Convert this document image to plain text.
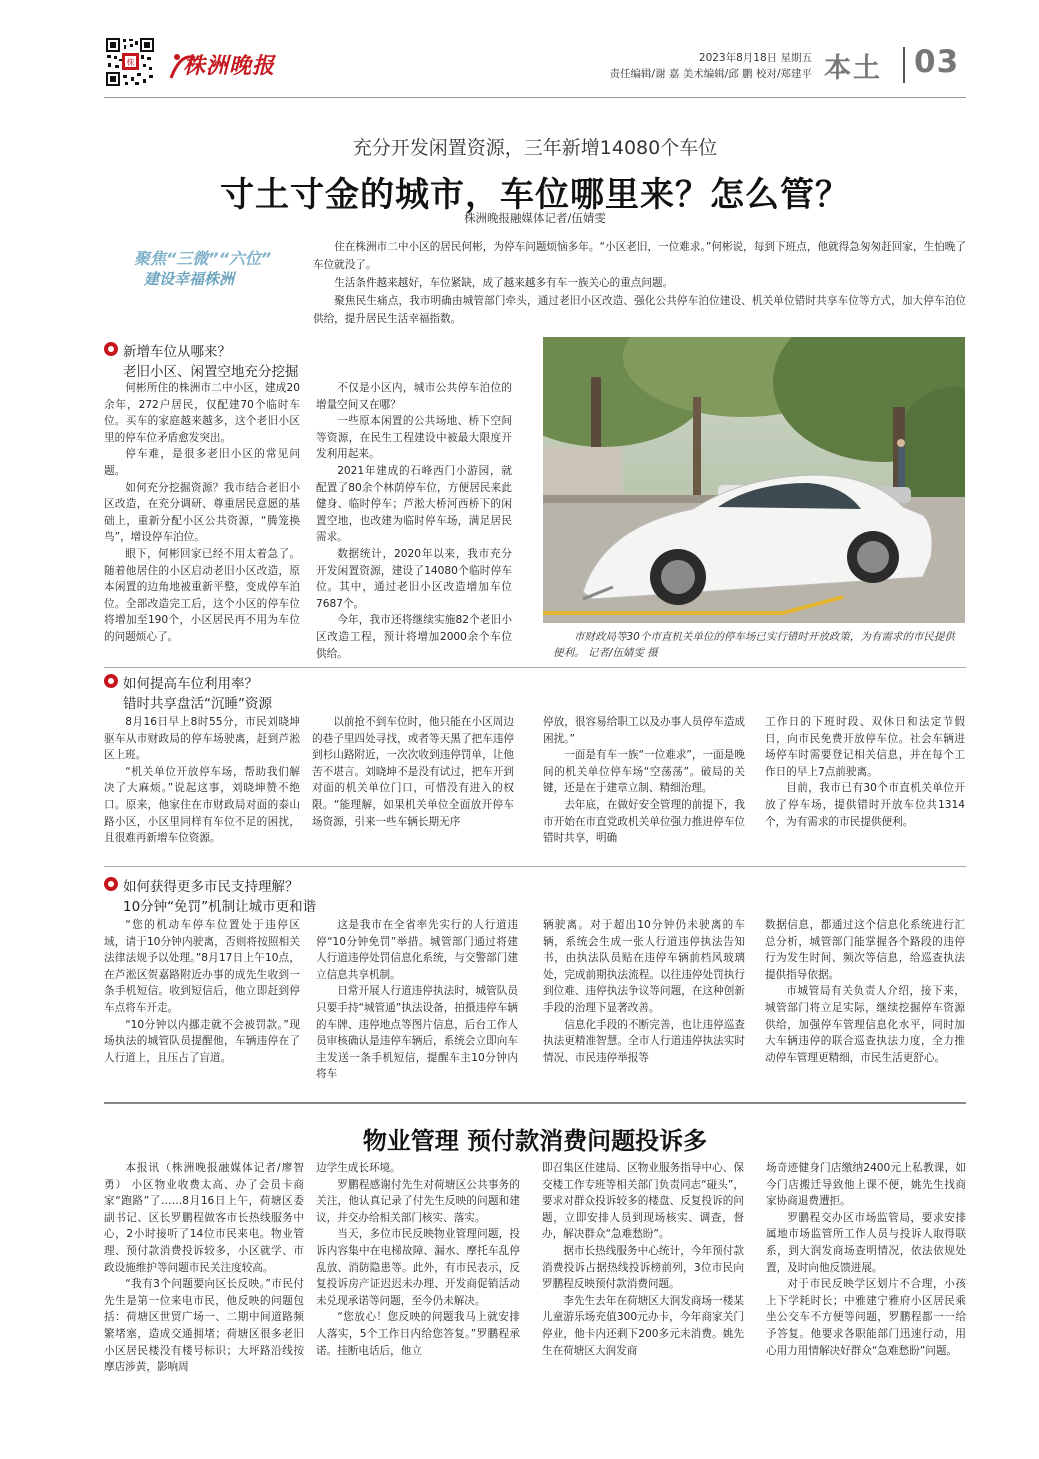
株 株洲晚报	2023年8月18日 星期五
责任编辑/谢 嘉 美术编辑/邱 鹏 校对/郑建平 本土 03
充分开发闲置资源，三年新增14080个车位
寸土寸金的城市，车位哪里来？怎么管？
株洲晚报融媒体记者/伍婧雯
聚焦“三微”“六位”
建设幸福株洲

住在株洲市二中小区的居民何彬，为停车问题烦恼多年。“小区老旧，一位难求。”何彬说，每到下班点，他就得急匆匆赶回家，生怕晚了车位就没了。

生活条件越来越好，车位紧缺，成了越来越多有车一族关心的重点问题。

聚焦民生痛点，我市明确由城管部门牵头，通过老旧小区改造、强化公共停车泊位建设、机关单位错时共享车位等方式，加大停车泊位供给，提升居民生活幸福指数。

新增车位从哪来？
老旧小区、闲置空地充分挖掘

何彬所住的株洲市二中小区，建成20余年，272户居民，仅配建70个临时车位。买车的家庭越来越多，这个老旧小区里的停车位矛盾愈发突出。

停车难，是很多老旧小区的常见问题。

如何充分挖掘资源？我市结合老旧小区改造，在充分调研、尊重居民意愿的基础上，重新分配小区公共资源，“腾笼换鸟”，增设停车泊位。

眼下，何彬回家已经不用太着急了。随着他居住的小区启动老旧小区改造，原本闲置的边角地被重新平整，变成停车泊位。全部改造完工后，这个小区的停车位将增加至190个，小区居民再不用为车位的问题烦心了。

不仅是小区内，城市公共停车泊位的增量空间又在哪？

一些原本闲置的公共场地、桥下空间等资源，在民生工程建设中被最大限度开发利用起来。

2021年建成的石峰西门小游园，就配置了80余个林荫停车位，方便居民来此健身、临时停车；芦淞大桥河西桥下的闲置空地，也改建为临时停车场，满足居民需求。

数据统计，2020年以来，我市充分开发闲置资源，建设了14080个临时停车位。其中，通过老旧小区改造增加车位7687个。

今年，我市还将继续实施82个老旧小区改造工程，预计将增加2000余个车位供给。

市财政局等30个市直机关单位的停车场已实行错时开放政策，为有需求的市民提供便利。 记者/伍婧雯 摄
如何提高车位利用率？
错时共享盘活“沉睡”资源

8月16日早上8时55分，市民刘晓坤驱车从市财政局的停车场驶离，赶到芦淞区上班。

“机关单位开放停车场，帮助我们解决了大麻烦。”说起这事，刘晓坤赞不绝口。原来，他家住在市财政局对面的泰山路小区，小区里同样有车位不足的困扰，且很难再新增车位资源。

以前抢不到车位时，他只能在小区周边的巷子里四处寻找，或者等天黑了把车违停到杉山路附近，一次次收到违停罚单，让他苦不堪言。刘晓坤不是没有试过，把车开到对面的机关单位门口，可惜没有进入的权限。“能理解，如果机关单位全面放开停车场资源，引来一些车辆长期无序

停放，很容易给职工以及办事人员停车造成困扰。”

一面是有车一族“一位难求”，一面是晚间的机关单位停车场“空荡荡”。破局的关键，还是在于建章立制、精细治理。

去年底，在做好安全管理的前提下，我市开始在市直党政机关单位强力推进停车位错时共享，明确

工作日的下班时段、双休日和法定节假日，向市民免费开放停车位。社会车辆进场停车时需要登记相关信息，并在每个工作日的早上7点前驶离。

目前，我市已有30个市直机关单位开放了停车场，提供错时开放车位共1314个，为有需求的市民提供便利。

如何获得更多市民支持理解？
10分钟“免罚”机制让城市更和谐

“您的机动车停车位置处于违停区域，请于10分钟内驶离，否则将按照相关法律法规予以处理。”8月17日上午10点，在芦淞区贺嘉路附近办事的成先生收到一条手机短信。收到短信后，他立即赶到停车点将车开走。

“10分钟以内挪走就不会被罚款。”现场执法的城管队员提醒他，车辆违停在了人行道上，且压占了盲道。

这是我市在全省率先实行的人行道违停“10分钟免罚”举措。城管部门通过将建人行道违停处罚信息化系统，与交警部门建立信息共享机制。

日常开展人行道违停执法时，城管队员只要手持“城管通”执法设备，拍摄违停车辆的车牌、违停地点等图片信息，后台工作人员审核确认是违停车辆后，系统会立即向车主发送一条手机短信，提醒车主10分钟内将车

辆驶离。对于超出10分钟仍未驶离的车辆，系统会生成一张人行道违停执法告知书，由执法队员贴在违停车辆前档风玻璃处，完成前期执法流程。以往违停处罚执行到位难、违停执法争议等问题，在这种创新手段的治理下显著改善。

信息化手段的不断完善，也让违停巡查执法更精准智慧。全市人行道违停执法实时情况、市民违停举报等

数据信息，都通过这个信息化系统进行汇总分析，城管部门能掌握各个路段的违停行为发生时间、频次等信息，给巡查执法提供指导依据。

市城管局有关负责人介绍，接下来，城管部门将立足实际，继续挖掘停车资源供给，加强停车管理信息化水平，同时加大车辆违停的联合巡查执法力度，全力推动停车管理更精细，市民生活更舒心。

物业管理 预付款消费问题投诉多

本报讯（株洲晚报融媒体记者/廖智勇） 小区物业收费太高、办了会员卡商家“跑路”了……8月16日上午，荷塘区委副书记、区长罗鹏程做客市长热线服务中心，2小时接听了14位市民来电。物业管理、预付款消费投诉较多，小区就学、市政设施维护等问题市民关注度较高。

“我有3个问题要向区长反映。”市民付先生是第一位来电市民，他反映的问题包括：荷塘区世贸广场一、二期中间道路频繁堵塞，造成交通拥堵；荷塘区很多老旧小区居民楼没有楼号标识；大坪路沿线按摩店涉黄，影响周

边学生成长环境。

罗鹏程感谢付先生对荷塘区公共事务的关注，他认真记录了付先生反映的问题和建议，并交办给相关部门核实、落实。

当天，多位市民反映物业管理问题，投诉内容集中在电梯故障、漏水、摩托车乱停乱放、消防隐患等。此外，有市民表示，反复投诉房产证迟迟未办理、开发商促销活动未兑现承诺等问题，至今仍未解决。

“您放心！您反映的问题我马上就安排人落实，5个工作日内给您答复。”罗鹏程承诺。挂断电话后，他立

即召集区住建局、区物业服务指导中心、保交楼工作专班等相关部门负责同志“碰头”，要求对群众投诉较多的楼盘、反复投诉的问题，立即安排人员到现场核实、调查，督办，解决群众“急难愁盼”。

据市长热线服务中心统计，今年预付款消费投诉占据热线投诉榜前列，3位市民向罗鹏程反映预付款消费问题。

李先生去年在荷塘区大润发商场一楼某儿童游乐场充值300元办卡，今年商家关门停业，他卡内还剩下200多元未消费。姚先生在荷塘区大润发商

场奇迹健身门店缴纳2400元上私教课，如今门店搬迁导致他上课不便，姚先生找商家协商退费遭拒。

罗鹏程交办区市场监管局，要求安排属地市场监管所工作人员与投诉人取得联系，到大润发商场查明情况，依法依规处置，及时向他反馈进展。

对于市民反映学区划片不合理，小孩上下学耗时长；中雅建宁雅府小区居民乘坐公交车不方便等问题，罗鹏程都一一给予答复。他要求各职能部门迅速行动，用心用力用情解决好群众“急难愁盼”问题。
